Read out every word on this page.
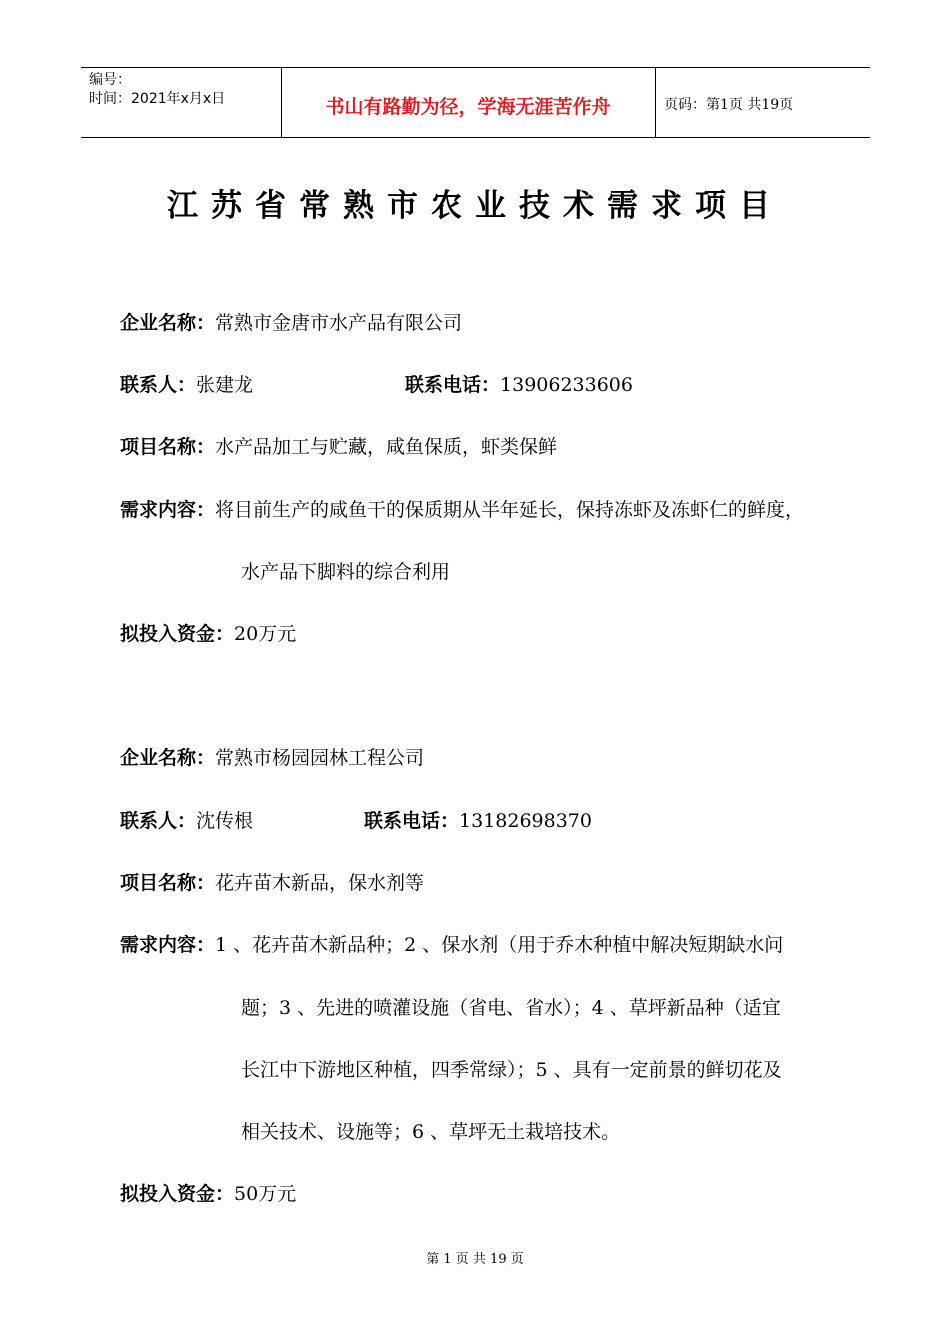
编号：
时间：2021年x月x日	书山有路勤为径，学海无涯苦作舟	页码：第1页 共19页
江苏省常熟市农业技术需求项目
企业名称：常熟市金唐市水产品有限公司
联系人：张建龙	联系电话：13906233606
项目名称：水产品加工与贮藏，咸鱼保质，虾类保鲜
需求内容：将目前生产的咸鱼干的保质期从半年延长，保持冻虾及冻虾仁的鲜度，
水产品下脚料的综合利用
拟投入资金：20万元
企业名称：常熟市杨园园林工程公司
联系人：沈传根	联系电话：13182698370
项目名称：花卉苗木新品，保水剂等
需求内容：1 、花卉苗木新品种；2 、保水剂（用于乔木种植中解决短期缺水问
题；3 、先进的喷灌设施（省电、省水）；4 、草坪新品种（适宜
长江中下游地区种植，四季常绿）；5 、具有一定前景的鲜切花及
相关技术、设施等；6 、草坪无土栽培技术。
拟投入资金：50万元
第 1 页 共 19 页
